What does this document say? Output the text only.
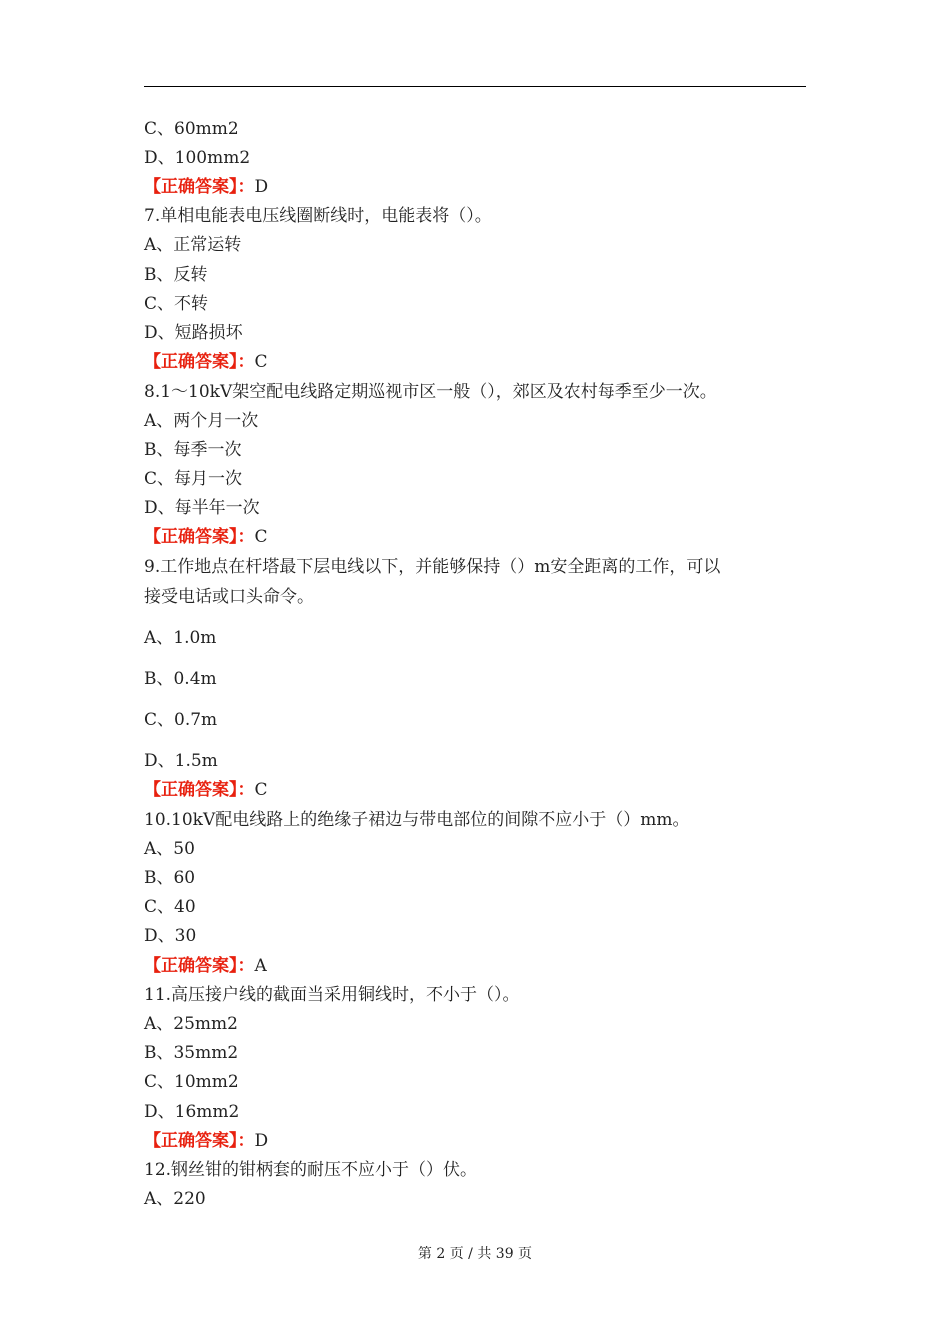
C、60mm2
D、100mm2
【正确答案】：D
7.单相电能表电压线圈断线时，电能表将（）。
A、正常运转
B、反转
C、不转
D、短路损坏
【正确答案】：C
8.1～10kV架空配电线路定期巡视市区一般（），郊区及农村每季至少一次。
A、两个月一次
B、每季一次
C、每月一次
D、每半年一次
【正确答案】：C
9.工作地点在杆塔最下层电线以下，并能够保持（）m安全距离的工作，可以
接受电话或口头命令。
A、1.0m
B、0.4m
C、0.7m
D、1.5m
【正确答案】：C
10.10kV配电线路上的绝缘子裙边与带电部位的间隙不应小于（）mm。
A、50
B、60
C、40
D、30
【正确答案】：A
11.高压接户线的截面当采用铜线时，不小于（）。
A、25mm2
B、35mm2
C、10mm2
D、16mm2
【正确答案】：D
12.钢丝钳的钳柄套的耐压不应小于（）伏。
A、220
第 2 页 / 共 39 页
